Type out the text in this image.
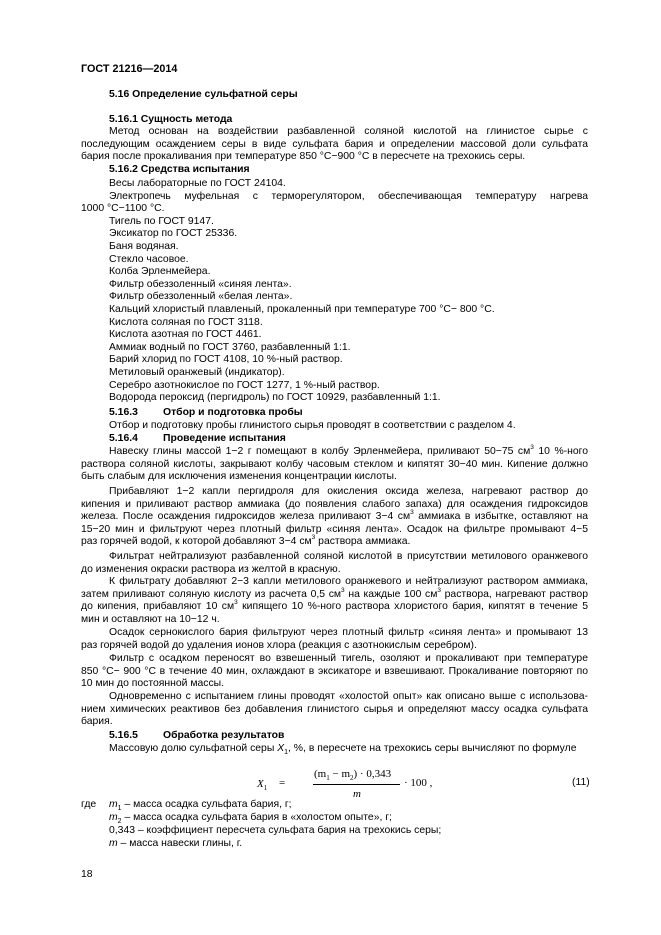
ГОСТ 21216—2014
5.16 Определение сульфатной серы
5.16.1 Сущность метода

Метод основан на воздействии разбавленной соляной кислотой на глинистое сырье с

последующим осаждением серы в виде сульфата бария и определении массовой доли сульфата

бария после прокаливания при температуре 850 °С−900 °С в пересчете на трехокись серы.

5.16.2 Средства испытания

Весы лабораторные по ГОСТ 24104.

Электропечь муфельная с терморегулятором, обеспечивающая температуру нагрева

1000 °С−1100 °С.

Тигель по ГОСТ 9147.

Эксикатор по ГОСТ 25336.

Баня водяная.

Стекло часовое.

Колба Эрленмейера.

Фильтр обеззоленный «синяя лента».

Фильтр обеззоленный «белая лента».

Кальций хлористый плавленый, прокаленный при температуре 700 °С− 800 °С.

Кислота соляная по ГОСТ 3118.

Кислота азотная по ГОСТ 4461.

Аммиак водный по ГОСТ 3760, разбавленный 1:1.

Барий хлорид по ГОСТ 4108, 10 %-ный раствор.

Метиловый оранжевый (индикатор).

Серебро азотнокислое по ГОСТ 1277, 1 %-ный раствор.

Водорода пероксид (пергидроль) по ГОСТ 10929, разбавленный 1:1.

5.16.3 Отбор и подготовка пробы
Отбор и подготовку пробы глинистого сырья проводят в соответствии с разделом 4.
5.16.4 Проведение испытания

Навеску глины массой 1−2 г помещают в колбу Эрленмейера, приливают 50−75 $см^3$ 10 %-ного

раствора соляной кислоты, закрывают колбу часовым стеклом и кипятят 30−40 мин. Кипение должно

быть слабым для исключения изменения концентрации кислоты.

Прибавляют 1−2 капли пергидроля для окисления оксида железа, нагревают раствор до

кипения и приливают раствор аммиака (до появления слабого запаха) для осаждения гидроксидов

железа. После осаждения гидроксидов железа приливают 3−4 $см^3$ аммиака в избытке, оставляют на

15−20 мин и фильтруют через плотный фильтр «синяя лента». Осадок на фильтре промывают 4−5

раз горячей водой, к которой добавляют 3−4 $см^3$ раствора аммиака.

Фильтрат нейтрализуют разбавленной соляной кислотой в присутствии метилового оранжевого

до изменения окраски раствора из желтой в красную.

К фильтрату добавляют 2−3 капли метилового оранжевого и нейтрализуют раствором аммиака,

затем приливают соляную кислоту из расчета 0,5 $см^3$ на каждые 100 $см^3$ раствора, нагревают раствор

до кипения, прибавляют 10 $см^3$ кипящего 10 %-ного раствора хлористого бария, кипятят в течение 5

мин и оставляют на 10−12 ч.

Осадок сернокислого бария фильтруют через плотный фильтр «синяя лента» и промывают 13

раз горячей водой до удаления ионов хлора (реакция с азотнокислым серебром).

Фильтр с осадком переносят во взвешенный тигель, озоляют и прокаливают при температуре

850 °С− 900 °С в течение 40 мин, охлаждают в эксикаторе и взвешивают. Прокаливание повторяют по

10 мин до постоянной массы.

Одновременно с испытанием глины проводят «холостой опыт» как описано выше с использова-

нием химических реактивов без добавления глинистого сырья и определяют массу осадка сульфата

бария.

5.16.5 Обработка результатов
Массовую долю сульфатной серы $X_1$, %, в пересчете на трехокись серы вычисляют по формуле
$X_1$ =
$(m_1 - m_2) \cdot 0,343$
m
· 100 ,	(11)
где $m_1$ – масса осадка сульфата бария, г;
$m_2$ – масса осадка сульфата бария в «холостом опыте», г;
0,343 – коэффициент пересчета сульфата бария на трехокись серы;
m – масса навески глины, г.
18
